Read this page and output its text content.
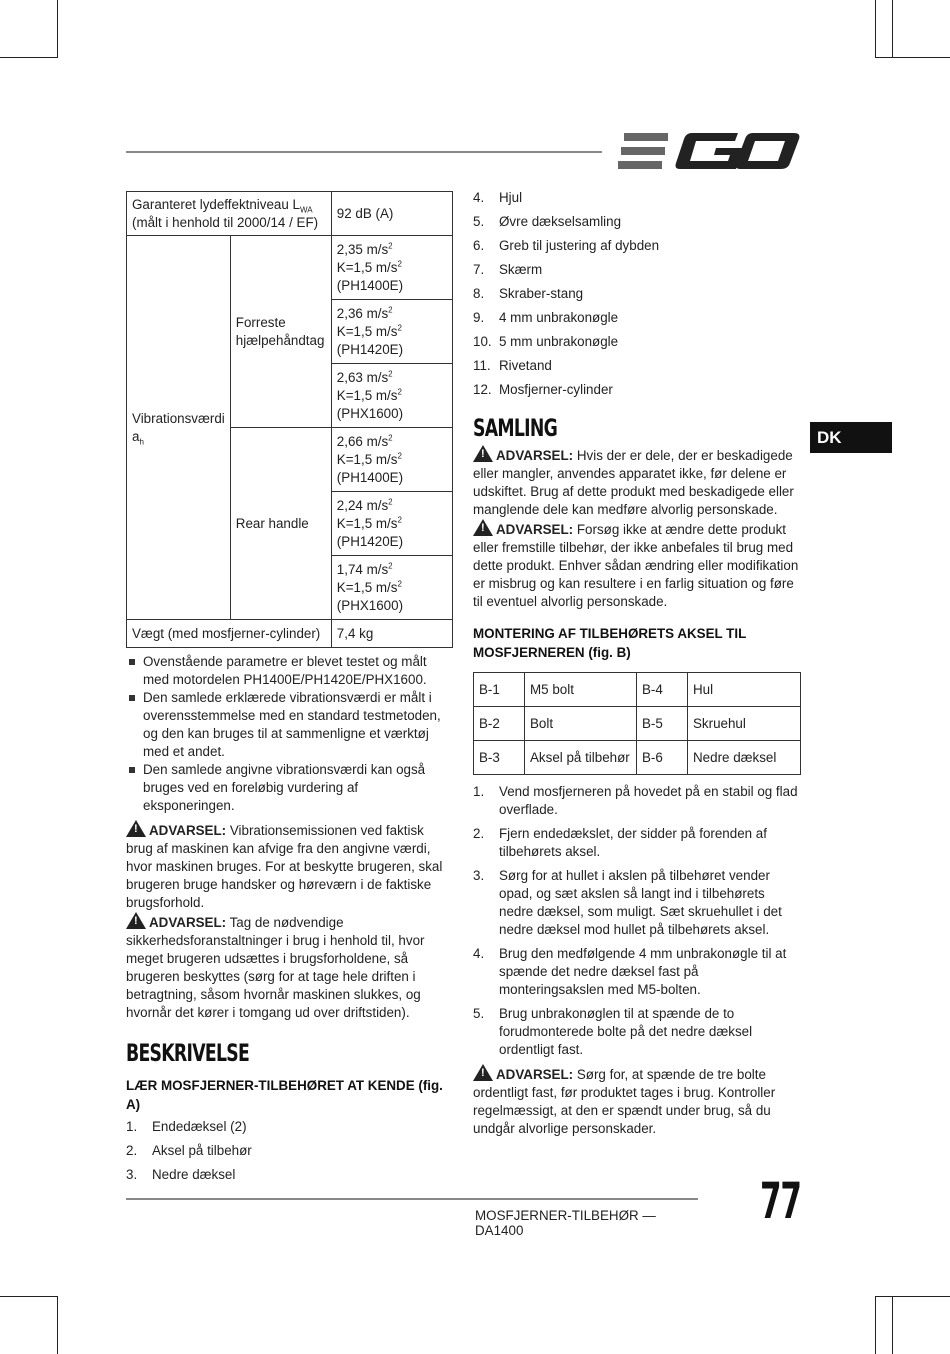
DK
Garanteret lydeffektniveau $L_{WA}$
(målt i henhold til 2000/14 / EF)		92 dB (A)
Vibrationsværdi
$a_h$	Forreste hjælpehåndtag	2,35 $m/s^2$
K=1,5 $m/s^2$
(PH1400E)
		2,36 $m/s^2$
K=1,5 $m/s^2$
(PH1420E)
		2,63 $m/s^2$
K=1,5 $m/s^2$
(PHX1600)
	Rear handle	2,66 $m/s^2$
K=1,5 $m/s^2$
(PH1400E)
		2,24 $m/s^2$
K=1,5 $m/s^2$
(PH1420E)
		1,74 $m/s^2$
K=1,5 $m/s^2$
(PHX1600)
Vægt (med mosfjerner-cylinder)		7,4 kg

Ovenstående parametre er blevet testet og målt med motordelen PH1400E/PH1420E/PHX1600.

Den samlede erklærede vibrationsværdi er målt i overensstemmelse med en standard testmetoden, og den kan bruges til at sammenligne et værktøj med et andet.

Den samlede angivne vibrationsværdi kan også bruges ved en foreløbig vurdering af eksponeringen.

!ADVARSEL: Vibrationsemissionen ved faktisk brug af maskinen kan afvige fra den angivne værdi, hvor maskinen bruges. For at beskytte brugeren, skal brugeren bruge handsker og høreværn i de faktiske brugsforhold.

!ADVARSEL: Tag de nødvendige sikkerhedsforanstaltninger i brug i henhold til, hvor meget brugeren udsættes i brugsforholdene, så brugeren beskyttes (sørg for at tage hele driften i betragtning, såsom hvornår maskinen slukkes, og hvornår det kører i tomgang ud over driftstiden).

BESKRIVELSE
LÆR MOSFJERNER-TILBEHØRET AT KENDE (fig. A)
1. Endedæksel (2)
2. Aksel på tilbehør
3. Nedre dæksel
4. Hjul
5. Øvre dækselsamling
6. Greb til justering af dybden
7. Skærm
8. Skraber-stang
9. 4 mm unbrakonøgle
10. 5 mm unbrakonøgle
11. Rivetand
12. Mosfjerner-cylinder
SAMLING

!ADVARSEL: Hvis der er dele, der er beskadigede eller mangler, anvendes apparatet ikke, før delene er udskiftet. Brug af dette produkt med beskadigede eller manglende dele kan medføre alvorlig personskade.

!ADVARSEL: Forsøg ikke at ændre dette produkt eller fremstille tilbehør, der ikke anbefales til brug med dette produkt. Enhver sådan ændring eller modifikation er misbrug og kan resultere i en farlig situation og føre til eventuel alvorlig personskade.

MONTERING AF TILBEHØRETS AKSEL TIL MOSFJERNEREN (fig. B)
B-1	M5 bolt	B-4	Hul
B-2	Bolt	B-5	Skruehul
B-3	Aksel på tilbehør	B-6	Nedre dæksel
1. Vend mosfjerneren på hovedet på en stabil og flad overflade.
2. Fjern endedækslet, der sidder på forenden af tilbehørets aksel.
3. Sørg for at hullet i akslen på tilbehøret vender opad, og sæt akslen så langt ind i tilbehørets nedre dæksel, som muligt. Sæt skruehullet i det nedre dæksel mod hullet på tilbehørets aksel.
4. Brug den medfølgende 4 mm unbrakonøgle til at spænde det nedre dæksel fast på monteringsakslen med M5-bolten.
5. Brug unbrakonøglen til at spænde de to forudmonterede bolte på det nedre dæksel ordentligt fast.

!ADVARSEL: Sørg for, at spænde de tre bolte ordentligt fast, før produktet tages i brug. Kontroller regelmæssigt, at den er spændt under brug, så du undgår alvorlige personskader.

MOSFJERNER-TILBEHØR — DA1400
77
